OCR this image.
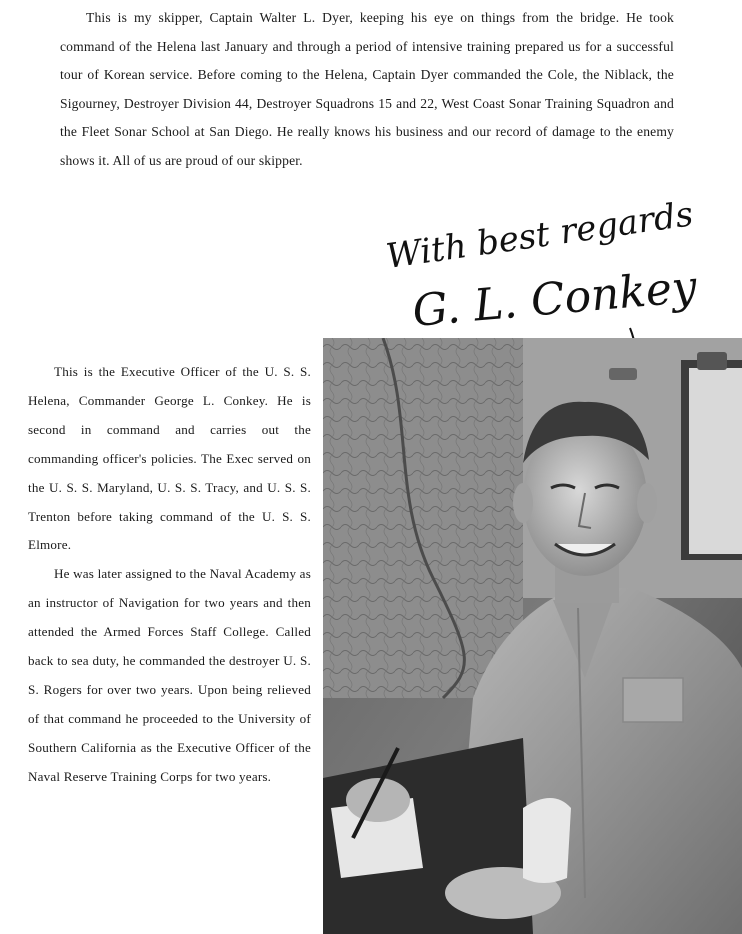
This is my skipper, Captain Walter L. Dyer, keeping his eye on things from the bridge. He took command of the Helena last January and through a period of intensive training prepared us for a successful tour of Korean service. Before coming to the Helena, Captain Dyer commanded the Cole, the Niblack, the Sigourney, Destroyer Division 44, Destroyer Squadrons 15 and 22, West Coast Sonar Training Squadron and the Fleet Sonar School at San Diego. He really knows his business and our record of damage to the enemy shows it. All of us are proud of our skipper.

With best regards
G. L. Conkey

This is the Executive Officer of the U. S. S. Helena, Commander George L. Conkey. He is second in command and carries out the commanding officer's policies. The Exec served on the U. S. S. Maryland, U. S. S. Tracy, and U. S. S. Trenton before taking command of the U. S. S. Elmore.

He was later assigned to the Naval Academy as an instructor of Navigation for two years and then attended the Armed Forces Staff College. Called back to sea duty, he commanded the destroyer U. S. S. Rogers for over two years. Upon being relieved of that command he proceeded to the University of Southern California as the Executive Officer of the Naval Reserve Training Corps for two years.
